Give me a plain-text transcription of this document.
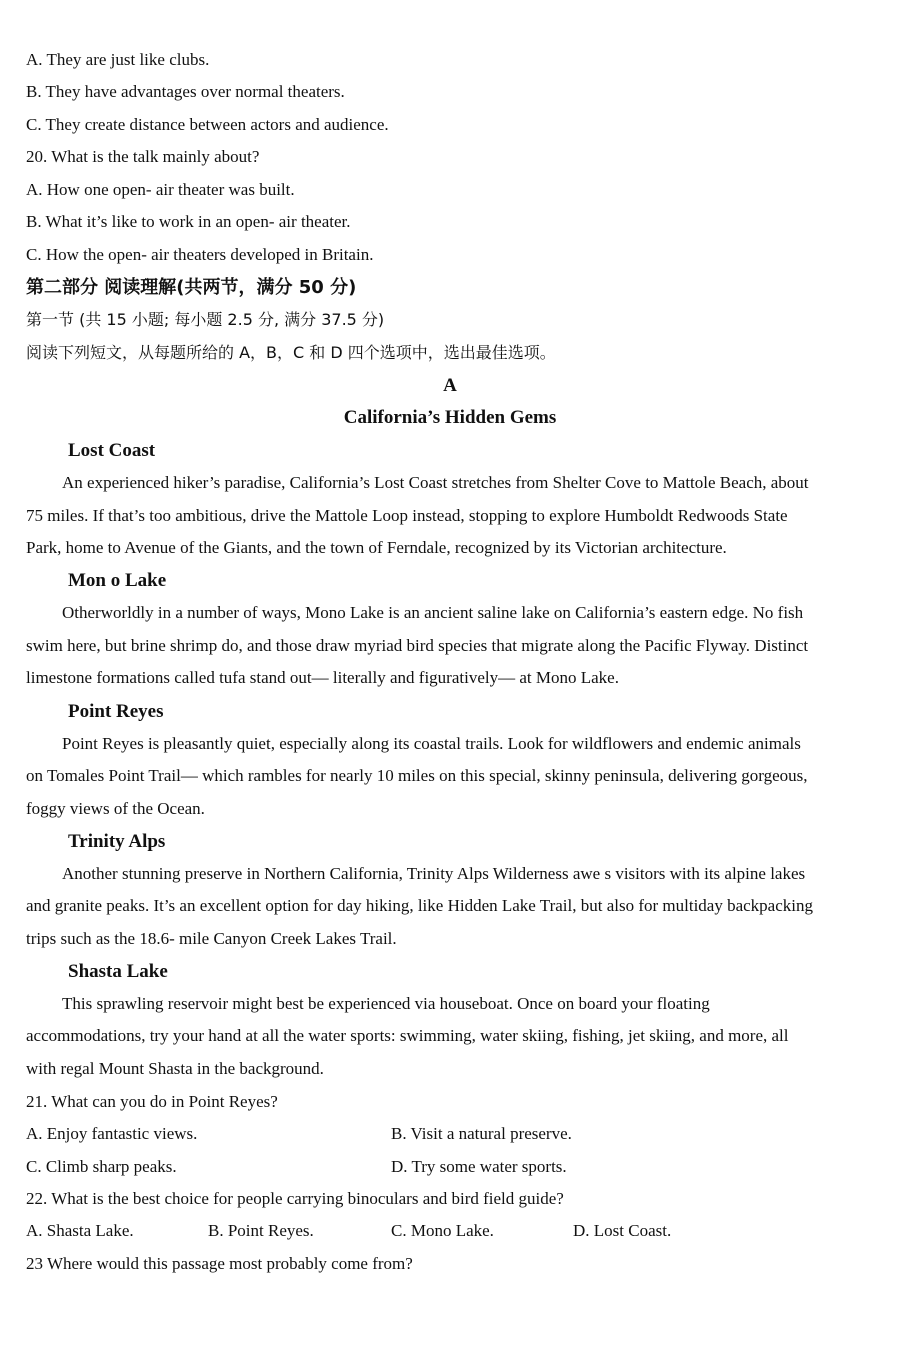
A. They are just like clubs.
B. They have advantages over normal theaters.
C. They create distance between actors and audience.
20. What is the talk mainly about?
A. How one open- air theater was built.
B. What it’s like to work in an open- air theater.
C. How the open- air theaters developed in Britain.
第二部分 阅读理解(共两节，满分 50 分)
第一节 (共 15 小题; 每小题 2.5 分, 满分 37.5 分)
阅读下列短文，从每题所给的 A，B，C 和 D 四个选项中，选出最佳选项。
A
California’s Hidden Gems
Lost Coast
An experienced hiker’s paradise, California’s Lost Coast stretches from Shelter Cove to Mattole Beach, about
75 miles. If that’s too ambitious, drive the Mattole Loop instead, stopping to explore Humboldt Redwoods State
Park, home to Avenue of the Giants, and the town of Ferndale, recognized by its Victorian architecture.
Mon o Lake
Otherworldly in a number of ways, Mono Lake is an ancient saline lake on California’s eastern edge. No fish
swim here, but brine shrimp do, and those draw myriad bird species that migrate along the Pacific Flyway. Distinct
limestone formations called tufa stand out— literally and figuratively— at Mono Lake.
Point Reyes
Point Reyes is pleasantly quiet, especially along its coastal trails. Look for wildflowers and endemic animals
on Tomales Point Trail— which rambles for nearly 10 miles on this special, skinny peninsula, delivering gorgeous,
foggy views of the Ocean.
Trinity Alps
Another stunning preserve in Northern California, Trinity Alps Wilderness awe s visitors with its alpine lakes
and granite peaks. It’s an excellent option for day hiking, like Hidden Lake Trail, but also for multiday backpacking
trips such as the 18.6- mile Canyon Creek Lakes Trail.
Shasta Lake
This sprawling reservoir might best be experienced via houseboat. Once on board your floating
accommodations, try your hand at all the water sports: swimming, water skiing, fishing, jet skiing, and more, all
with regal Mount Shasta in the background.
21. What can you do in Point Reyes?
A. Enjoy fantastic views.	B. Visit a natural preserve.
C. Climb sharp peaks.	D. Try some water sports.
22. What is the best choice for people carrying binoculars and bird field guide?
A. Shasta Lake.	B. Point Reyes.	C. Mono Lake.	D. Lost Coast.
23 Where would this passage most probably come from?
